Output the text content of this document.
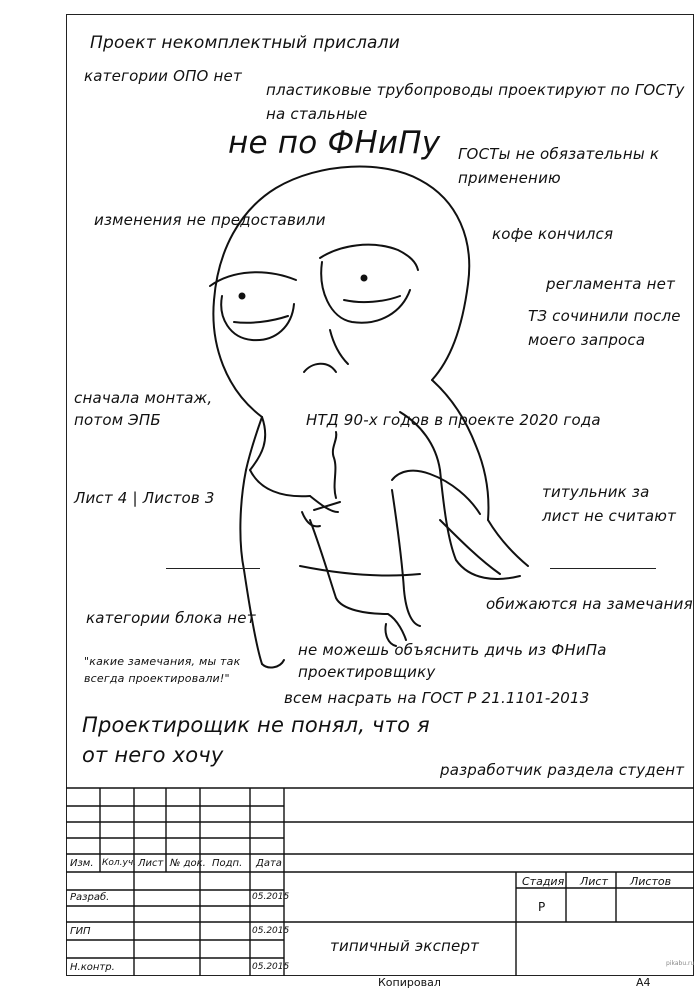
Проект некомплектный прислали
категории ОПО нет
пластиковые трубопроводы проектируют по ГОСТу
на стальные
не по ФНиПу ГОСТы не обязательны к
применению
изменения не предоставили
кофе кончился
регламента нет
ТЗ сочинили после
моего запроса
сначала монтаж,
потом ЭПБ	НТД 90-х годов в проекте 2020 года
Лист 4 | Листов 3	титульник за
лист не считают
категории блока нет
обижаются на замечания
"какие замечания, мы так
всегда проектировали!"
не можешь объяснить дичь из ФНиПа
проектировщику
всем насрать на ГОСТ Р 21.1101-2013
Проектирощик не понял, что я
от него хочу
разработчик раздела студент
Изм. Кол.уч. Лист № док. Подп. Дата
Разраб.	05.2015
ГИП	05.2015
Н.контр.	05.2015
Стадия Лист Листов
Р
типичный эксперт
Копировал	А4
pikabu.ru
